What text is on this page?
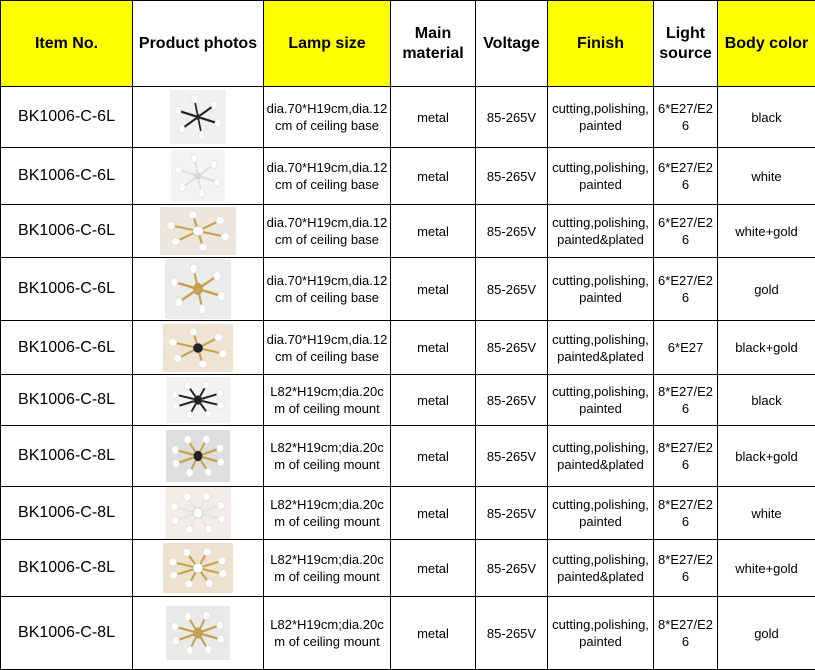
Item No.	Product photos	Lamp size	Main
material	Voltage	Finish	Light
source	Body color
BK1006-C-6L		dia.70*H19cm,dia.12
cm of ceiling base	metal	85-265V	cutting,polishing,
painted	6*E27/E2
6	black
BK1006-C-6L		dia.70*H19cm,dia.12
cm of ceiling base	metal	85-265V	cutting,polishing,
painted	6*E27/E2
6	white
BK1006-C-6L		dia.70*H19cm,dia.12
cm of ceiling base	metal	85-265V	cutting,polishing,
painted&plated	6*E27/E2
6	white+gold
BK1006-C-6L		dia.70*H19cm,dia.12
cm of ceiling base	metal	85-265V	cutting,polishing,
painted	6*E27/E2
6	gold
BK1006-C-6L		dia.70*H19cm,dia.12
cm of ceiling base	metal	85-265V	cutting,polishing,
painted&plated	6*E27	black+gold
BK1006-C-8L		L82*H19cm;dia.20c
m of ceiling mount	metal	85-265V	cutting,polishing,
painted	8*E27/E2
6	black
BK1006-C-8L		L82*H19cm;dia.20c
m of ceiling mount	metal	85-265V	cutting,polishing,
painted&plated	8*E27/E2
6	black+gold
BK1006-C-8L		L82*H19cm;dia.20c
m of ceiling mount	metal	85-265V	cutting,polishing,
painted	8*E27/E2
6	white
BK1006-C-8L		L82*H19cm;dia.20c
m of ceiling mount	metal	85-265V	cutting,polishing,
painted&plated	8*E27/E2
6	white+gold
BK1006-C-8L		L82*H19cm;dia.20c
m of ceiling mount	metal	85-265V	cutting,polishing,
painted	8*E27/E2
6	gold
